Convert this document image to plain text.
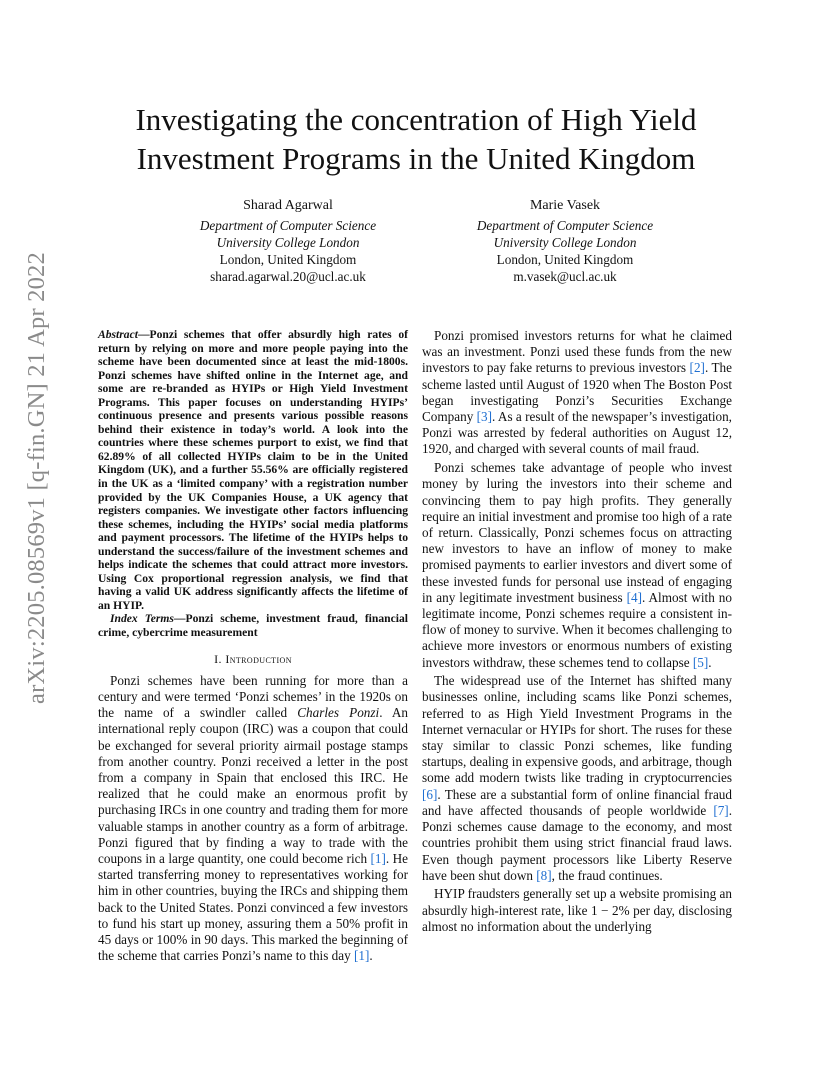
arXiv:2205.08569v1 [q-fin.GN] 21 Apr 2022
Investigating the concentration of High Yield
Investment Programs in the United Kingdom
Sharad Agarwal
Department of Computer Science
University College London
London, United Kingdom
sharad.agarwal.20@ucl.ac.uk
Marie Vasek
Department of Computer Science
University College London
London, United Kingdom
m.vasek@ucl.ac.uk
Abstract—Ponzi schemes that offer absurdly high rates of return by relying on more and more people paying into the scheme have been documented since at least the mid-1800s. Ponzi schemes have shifted online in the Internet age, and some are re-branded as HYIPs or High Yield Investment Programs. This paper focuses on understanding HYIPs’ continuous presence and presents various possible reasons behind their existence in today’s world. A look into the countries where these schemes purport to exist, we find that 62.89% of all collected HYIPs claim to be in the United Kingdom (UK), and a further 55.56% are officially registered in the UK as a ‘limited company’ with a registration number provided by the UK Companies House, a UK agency that registers companies. We investigate other factors influencing these schemes, including the HYIPs’ social media platforms and payment processors. The lifetime of the HYIPs helps to understand the success/failure of the investment schemes and helps indicate the schemes that could attract more investors. Using Cox proportional regression analysis, we find that having a valid UK address significantly affects the lifetime of an HYIP.
Index Terms—Ponzi scheme, investment fraud, financial crime, cybercrime measurement
I. Introduction

Ponzi schemes have been running for more than a century and were termed ‘Ponzi schemes’ in the 1920s on the name of a swindler called Charles Ponzi. An international reply coupon (IRC) was a coupon that could be exchanged for several priority airmail postage stamps from another country. Ponzi received a letter in the post from a company in Spain that enclosed this IRC. He realized that he could make an enormous profit by purchasing IRCs in one country and trading them for more valuable stamps in another country as a form of arbitrage. Ponzi figured that by finding a way to trade with the coupons in a large quantity, one could become rich [1]. He started transferring money to representatives working for him in other countries, buying the IRCs and shipping them back to the United States. Ponzi convinced a few investors to fund his start up money, assuring them a 50% profit in 45 days or 100% in 90 days. This marked the beginning of the scheme that carries Ponzi’s name to this day [1].

Ponzi promised investors returns for what he claimed was an investment. Ponzi used these funds from the new investors to pay fake returns to previous investors [2]. The scheme lasted until August of 1920 when The Boston Post began investigating Ponzi’s Securities Exchange Company [3]. As a result of the newspaper’s investigation, Ponzi was arrested by federal authorities on August 12, 1920, and charged with several counts of mail fraud.

Ponzi schemes take advantage of people who invest money by luring the investors into their scheme and convincing them to pay high profits. They generally require an initial investment and promise too high of a rate of return. Classically, Ponzi schemes focus on attracting new investors to have an inflow of money to make promised payments to earlier investors and divert some of these invested funds for personal use instead of engaging in any legitimate investment business [4]. Almost with no legitimate income, Ponzi schemes require a consistent in-flow of money to survive. When it becomes challenging to achieve more investors or enormous numbers of existing investors withdraw, these schemes tend to collapse [5].

The widespread use of the Internet has shifted many businesses online, including scams like Ponzi schemes, referred to as High Yield Investment Programs in the Internet vernacular or HYIPs for short. The ruses for these stay similar to classic Ponzi schemes, like funding startups, dealing in expensive goods, and arbitrage, though some add modern twists like trading in cryptocurrencies [6]. These are a substantial form of online financial fraud and have affected thousands of people worldwide [7]. Ponzi schemes cause damage to the economy, and most countries prohibit them using strict financial fraud laws. Even though payment processors like Liberty Reserve have been shut down [8], the fraud continues.

HYIP fraudsters generally set up a website promising an absurdly high-interest rate, like 1 − 2% per day, disclosing almost no information about the underlying
